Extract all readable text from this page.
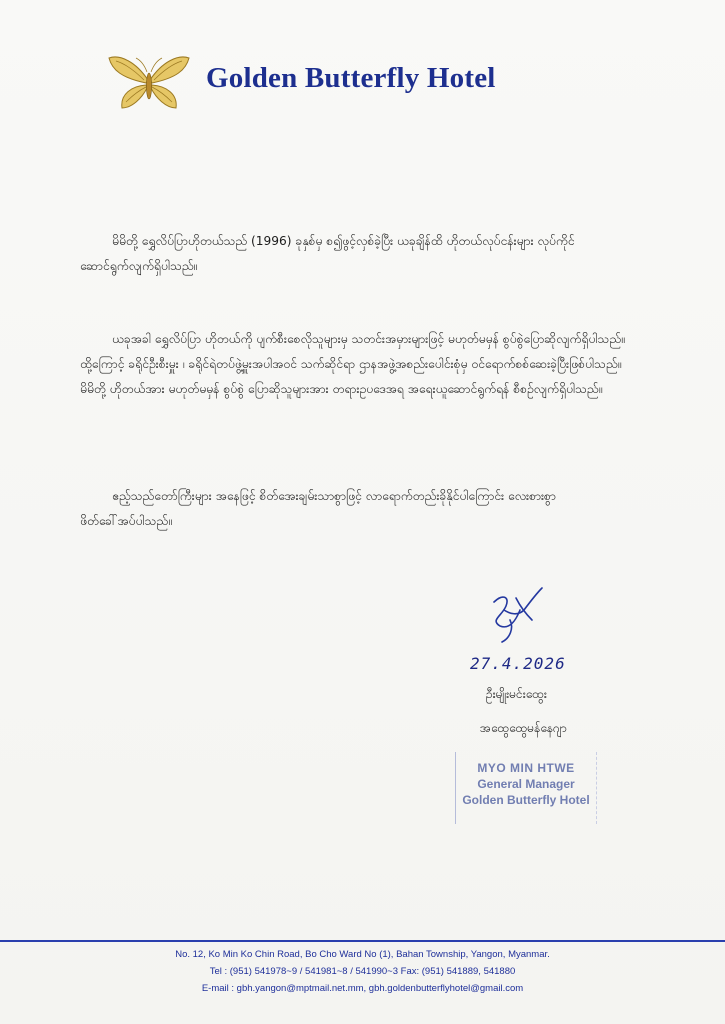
Golden Butterfly Hotel

မိမိတို့ ရွှေလိပ်ပြာဟိုတယ်သည် (1996) ခုနှစ်မှ စ၍ဖွင့်လှစ်ခဲ့ပြီး ယခုချိန်ထိ ဟိုတယ်လုပ်ငန်းများ လုပ်ကိုင်

ဆောင်ရွက်လျက်ရှိပါသည်။

ယခုအခါ ရွှေလိပ်ပြာ ဟိုတယ်ကို ပျက်စီးစေလိုသူများမှ သတင်းအမှားများဖြင့် မဟုတ်မမှန် စွပ်စွဲပြောဆိုလျက်ရှိပါသည်။

ထို့ကြောင့် ခရိုင်ဦးစီးမှူး ၊ ခရိုင်ရဲတပ်ဖွဲ့မှူးအပါအဝင် သက်ဆိုင်ရာ ဌာနအဖွဲ့အစည်းပေါင်းစုံမှ ဝင်ရောက်စစ်ဆေးခဲ့ပြီးဖြစ်ပါသည်။

မိမိတို့ ဟိုတယ်အား မဟုတ်မမှန် စွပ်စွဲ ပြောဆိုသူများအား တရားဥပဒေအရ အရေးယူဆောင်ရွက်ရန် စီစဉ်လျက်ရှိပါသည်။

ဧည့်သည်တော်ကြီးများ အနေဖြင့် စိတ်အေးချမ်းသာစွာဖြင့် လာရောက်တည်းခိုနိုင်ပါကြောင်း လေးစားစွာ

ဖိတ်ခေါ်အပ်ပါသည်။

27.4.2026
ဦးမျိုးမင်းထွေး
အထွေထွေမန်နေဂျာ
MYO MIN HTWE
General Manager
Golden Butterfly Hotel
No. 12, Ko Min Ko Chin Road, Bo Cho Ward No (1), Bahan Township, Yangon, Myanmar.
Tel : (951) 541978~9 / 541981~8 / 541990~3 Fax: (951) 541889, 541880
E-mail : gbh.yangon@mptmail.net.mm, gbh.goldenbutterflyhotel@gmail.com
